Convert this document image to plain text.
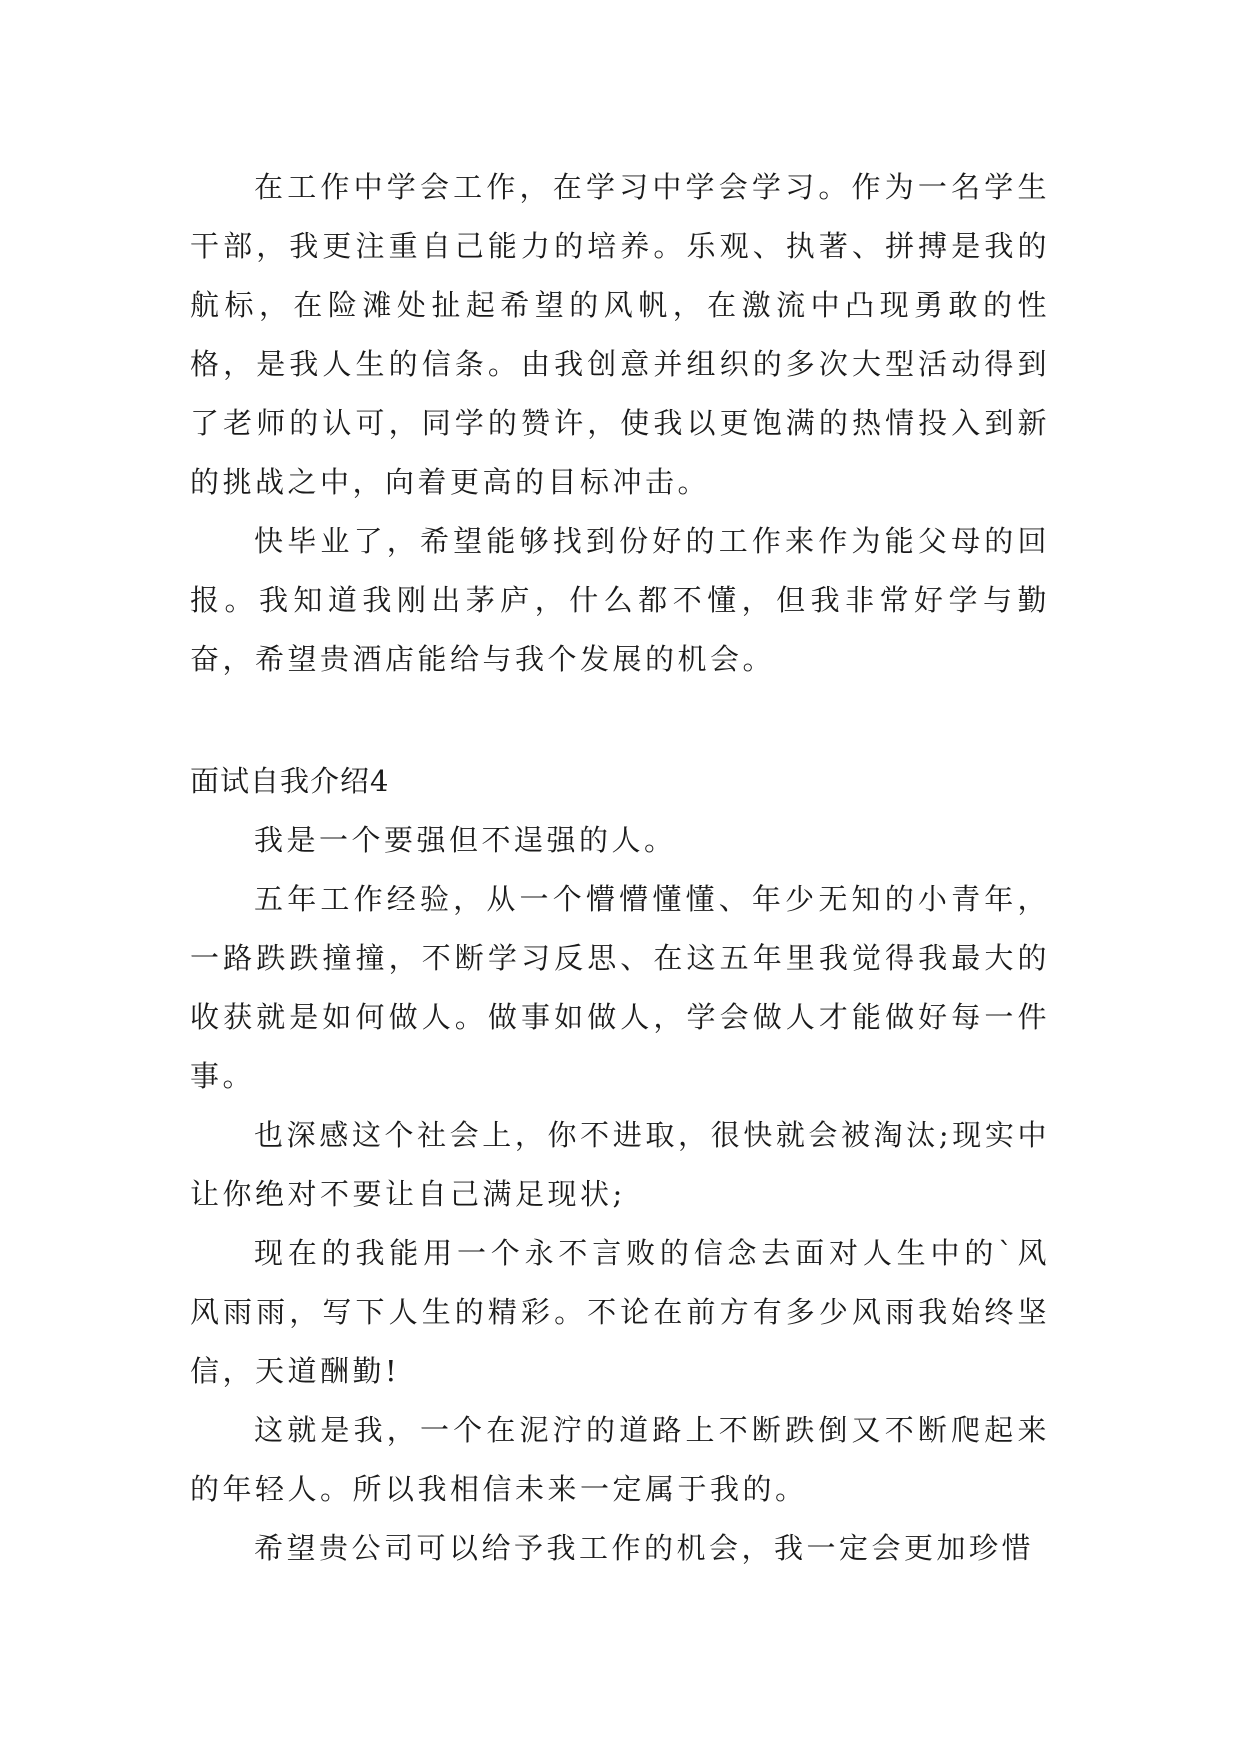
在工作中学会工作，在学习中学会学习。作为一名学生干部，我更注重自己能力的培养。乐观、执著、拼搏是我的航标，在险滩处扯起希望的风帆，在激流中凸现勇敢的性格，是我人生的信条。由我创意并组织的多次大型活动得到了老师的认可，同学的赞许，使我以更饱满的热情投入到新的挑战之中，向着更高的目标冲击。

快毕业了，希望能够找到份好的工作来作为能父母的回报。我知道我刚出茅庐，什么都不懂，但我非常好学与勤奋，希望贵酒店能给与我个发展的机会。

面试自我介绍4

我是一个要强但不逞强的人。

五年工作经验，从一个懵懵懂懂、年少无知的小青年，一路跌跌撞撞，不断学习反思、在这五年里我觉得我最大的收获就是如何做人。做事如做人，学会做人才能做好每一件事。

也深感这个社会上，你不进取，很快就会被淘汰;现实中让你绝对不要让自己满足现状;

现在的我能用一个永不言败的信念去面对人生中的`风风雨雨，写下人生的精彩。不论在前方有多少风雨我始终坚信，天道酬勤!

这就是我，一个在泥泞的道路上不断跌倒又不断爬起来的年轻人。所以我相信未来一定属于我的。

希望贵公司可以给予我工作的机会，我一定会更加珍惜
